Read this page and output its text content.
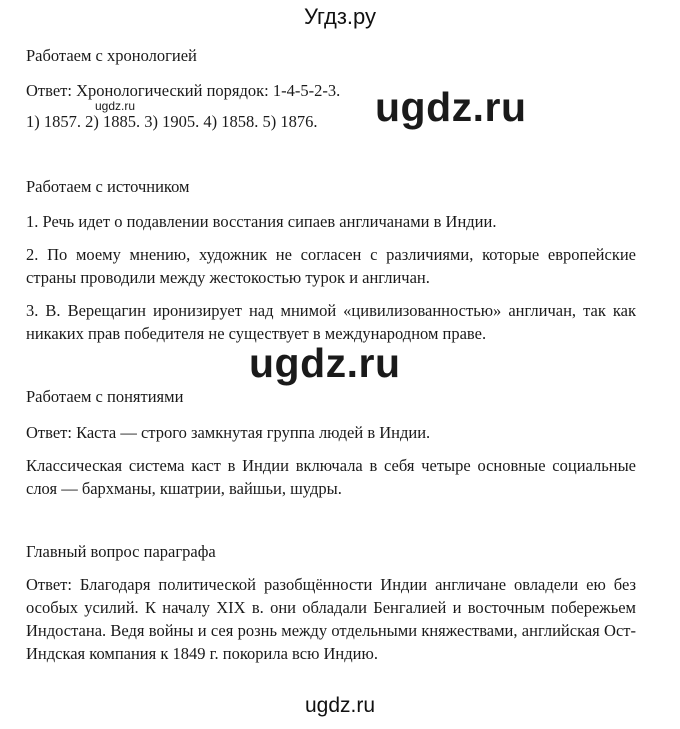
Угдз.ру
Работаем с хронологией
Ответ: Хронологический порядок: 1-4-5-2-3.
ugdz.ru
1) 1857. 2) 1885. 3) 1905. 4) 1858. 5) 1876. ugdz.ru
Работаем с источником
1. Речь идет о подавлении восстания сипаев англичанами в Индии.
2. По моему мнению, художник не согласен с различиями, которые европейские страны проводили между жестокостью турок и англичан.
3. В. Верещагин иронизирует над мнимой «цивилизованностью» англичан, так как никаких прав победителя не существует в международном праве.
ugdz.ru
Работаем с понятиями
Ответ: Каста — строго замкнутая группа людей в Индии.
Классическая система каст в Индии включала в себя четыре основные социальные слоя — бархманы, кшатрии, вайшьи, шудры.
Главный вопрос параграфа
Ответ: Благодаря политической разобщённости Индии англичане овладели ею без особых усилий. К началу XIX в. они обладали Бенгалией и восточным побережьем Индостана. Ведя войны и сея рознь между отдельными княжествами, английская Ост-Индская компания к 1849 г. покорила всю Индию.
ugdz.ru
